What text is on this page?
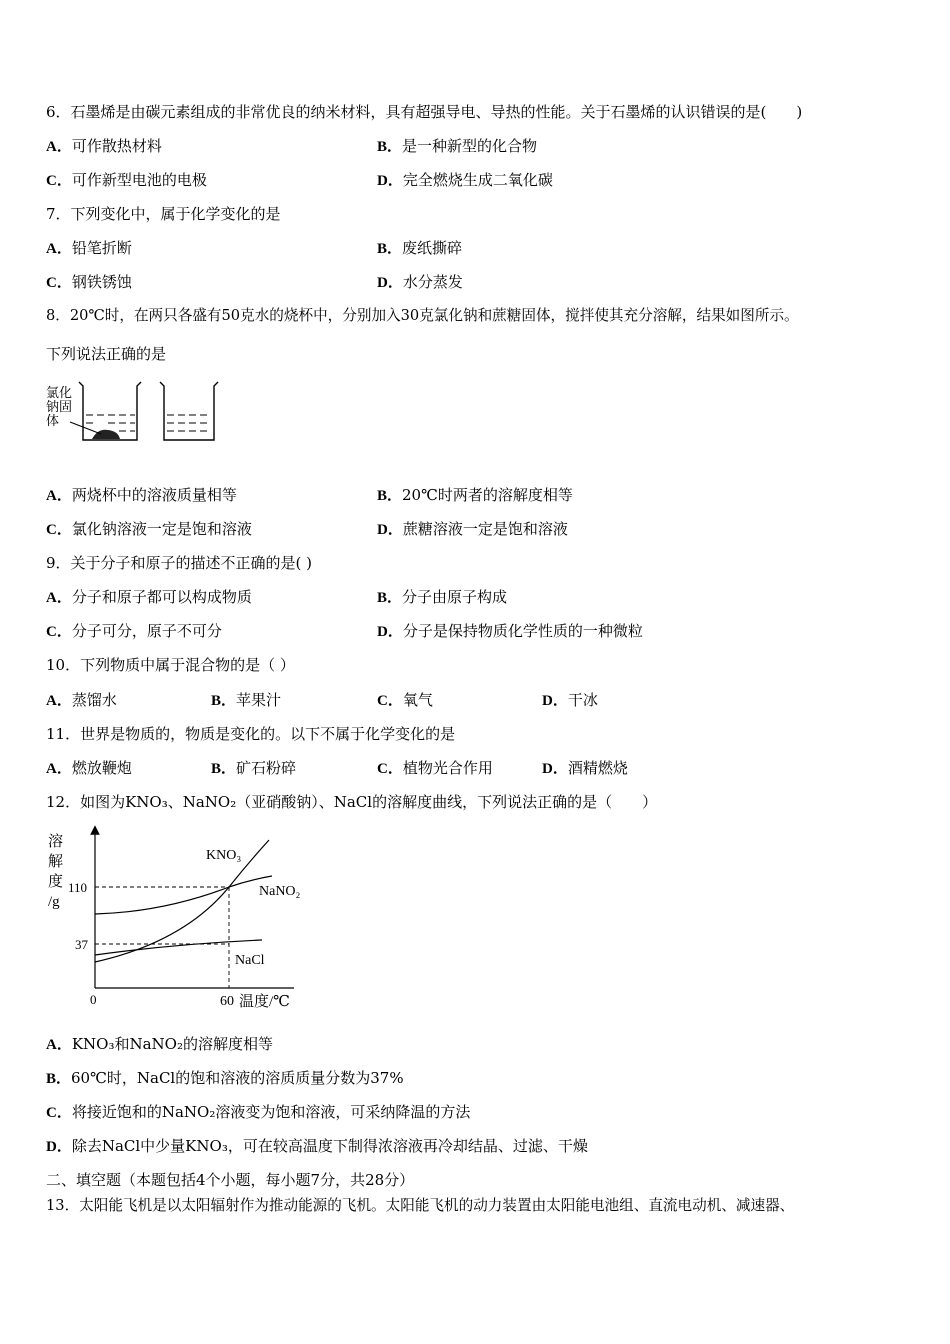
6．石墨烯是由碳元素组成的非常优良的纳米材料，具有超强导电、导热的性能。关于石墨烯的认识错误的是(　　)
A．可作散热材料	B．是一种新型的化合物
C．可作新型电池的电极	D．完全燃烧生成二氧化碳
7．下列变化中，属于化学变化的是
A．铅笔折断	B．废纸撕碎
C．钢铁锈蚀	D．水分蒸发
8．20℃时，在两只各盛有50克水的烧杯中，分别加入30克氯化钠和蔗糖固体，搅拌使其充分溶解，结果如图所示。
下列说法正确的是
氯化
钠固
体
A．两烧杯中的溶液质量相等	B．20℃时两者的溶解度相等
C．氯化钠溶液一定是饱和溶液	D．蔗糖溶液一定是饱和溶液
9．关于分子和原子的描述不正确的是( )
A．分子和原子都可以构成物质	B．分子由原子构成
C．分子可分，原子不可分	D．分子是保持物质化学性质的一种微粒
10．下列物质中属于混合物的是（ ）
A．蒸馏水	B．苹果汁	C．氧气	D．干冰
11．世界是物质的，物质是变化的。以下不属于化学变化的是
A．燃放鞭炮	B．矿石粉碎	C．植物光合作用	D．酒精燃烧
12．如图为KNO₃、NaNO₂（亚硝酸钠）、NaCl的溶解度曲线，下列说法正确的是（　　）
溶
解
度
/g
110
37
0	60 温度/℃
KNO₃
NaNO₂
NaCl
A．KNO₃和NaNO₂的溶解度相等
B．60℃时，NaCl的饱和溶液的溶质质量分数为37%
C．将接近饱和的NaNO₂溶液变为饱和溶液，可采纳降温的方法
D．除去NaCl中少量KNO₃，可在较高温度下制得浓溶液再冷却结晶、过滤、干燥
二、填空题（本题包括4个小题，每小题7分，共28分）
13．太阳能飞机是以太阳辐射作为推动能源的飞机。太阳能飞机的动力装置由太阳能电池组、直流电动机、减速器、
